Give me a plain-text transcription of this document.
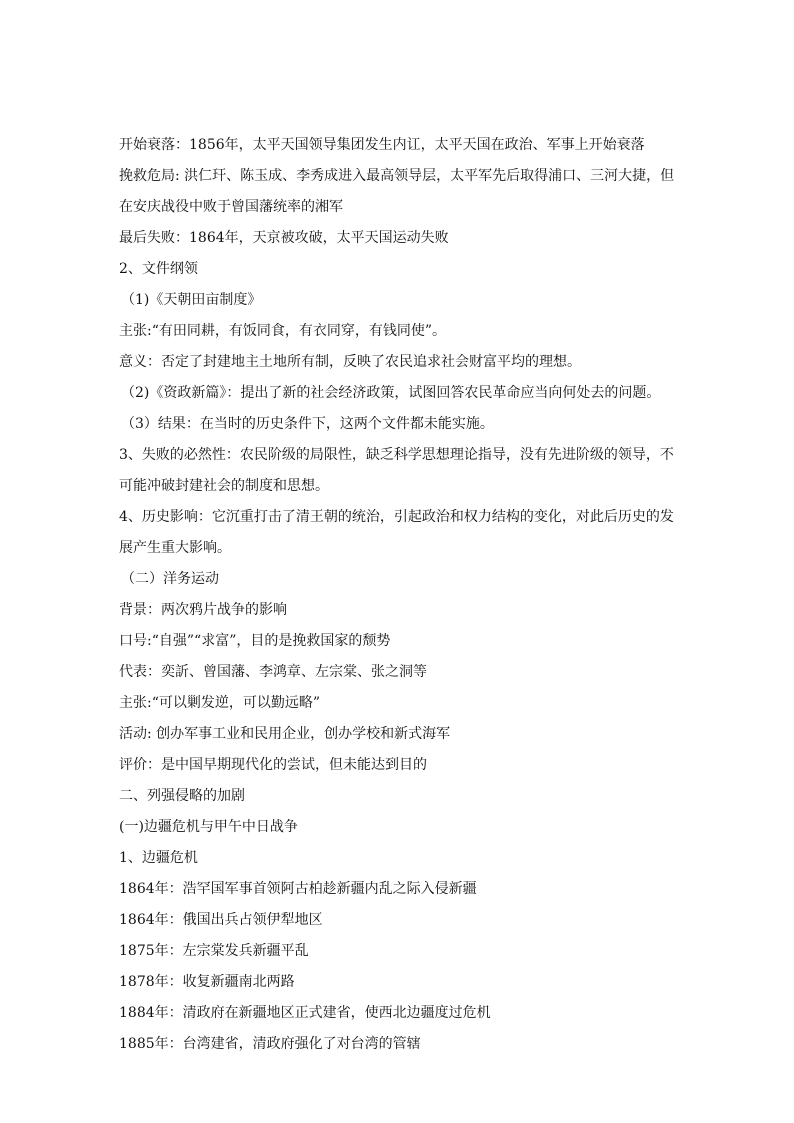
开始衰落：1856年，太平天国领导集团发生内讧，太平天国在政治、军事上开始衰落
挽救危局: 洪仁玕、陈玉成、李秀成进入最高领导层，太平军先后取得浦口、三河大捷，但
在安庆战役中败于曾国藩统率的湘军
最后失败：1864年，天京被攻破，太平天国运动失败
2、文件纲领
（1)《天朝田亩制度》
主张:“有田同耕，有饭同食，有衣同穿，有钱同使”。
意义：否定了封建地主土地所有制，反映了农民追求社会财富平均的理想。
（2)《资政新篇》：提出了新的社会经济政策，试图回答农民革命应当向何处去的问题。
（3）结果：在当时的历史条件下，这两个文件都未能实施。
3、失败的必然性：农民阶级的局限性，缺乏科学思想理论指导，没有先进阶级的领导，不
可能冲破封建社会的制度和思想。
4、历史影响：它沉重打击了清王朝的统治，引起政治和权力结构的变化，对此后历史的发
展产生重大影响。
（二）洋务运动
背景：两次鸦片战争的影响
口号:“自强”“求富”，目的是挽救国家的颓势
代表：奕訢、曾国藩、李鸿章、左宗棠、张之洞等
主张:“可以剿发逆，可以勤远略”
活动: 创办军事工业和民用企业，创办学校和新式海军
评价：是中国早期现代化的尝试，但未能达到目的
二、列强侵略的加剧
(一)边疆危机与甲午中日战争
1、边疆危机
1864年：浩罕国军事首领阿古柏趁新疆内乱之际入侵新疆
1864年：俄国出兵占领伊犁地区
1875年：左宗棠发兵新疆平乱
1878年：收复新疆南北两路
1884年：清政府在新疆地区正式建省，使西北边疆度过危机
1885年：台湾建省，清政府强化了对台湾的管辖
